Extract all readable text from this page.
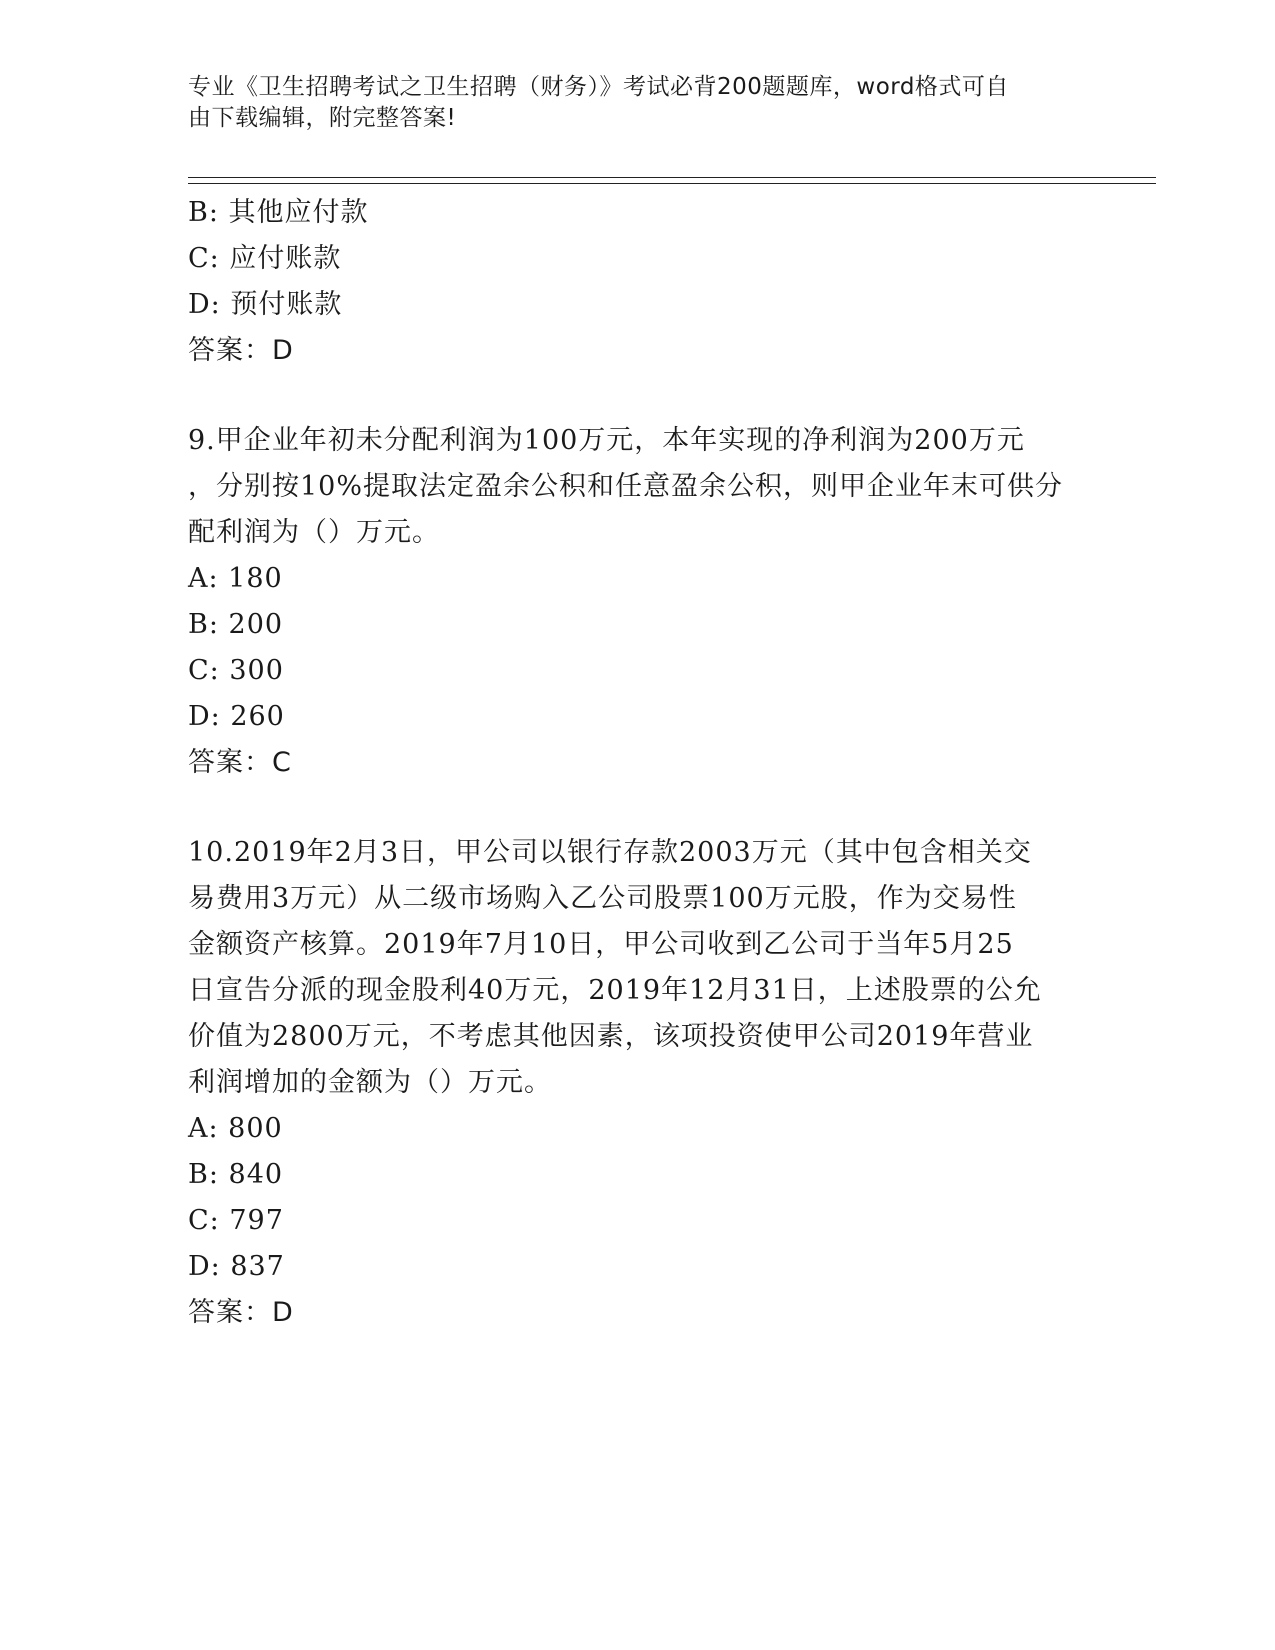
专业《卫生招聘考试之卫生招聘（财务）》考试必背200题题库，word格式可自
由下载编辑，附完整答案!
B: 其他应付款
C: 应付账款
D: 预付账款
答案：D
9.甲企业年初未分配利润为100万元，本年实现的净利润为200万元
，分别按10%提取法定盈余公积和任意盈余公积，则甲企业年末可供分
配利润为（）万元。
A: 180
B: 200
C: 300
D: 260
答案：C
10.2019年2月3日，甲公司以银行存款2003万元（其中包含相关交
易费用3万元）从二级市场购入乙公司股票100万元股，作为交易性
金额资产核算。2019年7月10日，甲公司收到乙公司于当年5月25
日宣告分派的现金股利40万元，2019年12月31日，上述股票的公允
价值为2800万元，不考虑其他因素，该项投资使甲公司2019年营业
利润增加的金额为（）万元。
A: 800
B: 840
C: 797
D: 837
答案：D
